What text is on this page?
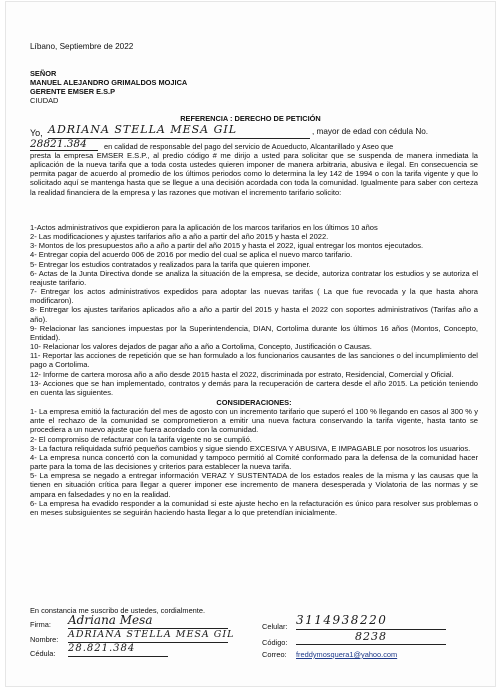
Líbano, Septiembre de 2022
SEÑOR
MANUEL ALEJANDRO GRIMALDOS MOJICA
GERENTE EMSER E.S.P
CIUDAD
REFERENCIA : DERECHO DE PETICIÓN
Yo, ADRIANA STELLA MESA GIL	, mayor de edad con cédula No.
28821.384	en calidad de responsable del pago del servicio de Acueducto, Alcantarillado y Aseo que
presta la empresa EMSER E.S.P., al predio código # me dirijo a usted para solicitar que se suspenda de manera inmediata la aplicación de la nueva tarifa que a toda costa ustedes quieren imponer de manera arbitraria, abusiva e ilegal. En consecuencia se permita pagar de acuerdo al promedio de los últimos periodos como lo determina la ley 142 de 1994 o con la tarifa vigente y que lo solicitado aquí se mantenga hasta que se llegue a una decisión acordada con toda la comunidad. Igualmente para saber con certeza la realidad financiera de la empresa y las razones que motivan el incremento tarifario solicito:
1-Actos administrativos que expidieron para la aplicación de los marcos tarifarios en los últimos 10 años
2- Las modificaciones y ajustes tarifarios año a año a partir del año 2015 y hasta el 2022.
3- Montos de los presupuestos año a año a partir del año 2015 y hasta el 2022, igual entregar los montos ejecutados.
4- Entregar copia del acuerdo 006 de 2016 por medio del cual se aplica el nuevo marco tarifario.
5- Entregar los estudios contratados y realizados para la tarifa que quieren imponer.
6- Actas de la Junta Directiva donde se analiza la situación de la empresa, se decide, autoriza contratar los estudios y se autoriza el reajuste tarifario.
7- Entregar los actos administrativos expedidos para adoptar las nuevas tarifas ( La que fue revocada y la que hasta ahora modificaron).
8- Entregar los ajustes tarifarios aplicados año a año a partir del 2015 y hasta el 2022 con soportes administrativos (Tarifas año a año).
9- Relacionar las sanciones impuestas por la Superintendencia, DIAN, Cortolima durante los últimos 16 años (Montos, Concepto, Entidad).
10- Relacionar los valores dejados de pagar año a año a Cortolima, Concepto, Justificación o Causas.
11- Reportar las acciones de repetición que se han formulado a los funcionarios causantes de las sanciones o del incumplimiento del pago a Cortolima.
12- Informe de cartera morosa año a año desde 2015 hasta el 2022, discriminada por estrato, Residencial, Comercial y Oficial.
13- Acciones que se han implementado, contratos y demás para la recuperación de cartera desde el año 2015. La petición teniendo en cuenta las siguientes.
CONSIDERACIONES:
1- La empresa emitió la facturación del mes de agosto con un incremento tarifario que superó el 100 % llegando en casos al 300 % y ante el rechazo de la comunidad se comprometieron a emitir una nueva factura conservando la tarifa vigente, hasta tanto se procediera a un nuevo ajuste que fuera acordado con la comunidad.
2- El compromiso de refacturar con la tarifa vigente no se cumplió.
3- La factura reliquidada sufrió pequeños cambios y sigue siendo EXCESIVA Y ABUSIVA, E IMPAGABLE por nosotros los usuarios.
4- La empresa nunca concertó con la comunidad y tampoco permitió al Comité conformado para la defensa de la comunidad hacer parte para la toma de las decisiones y criterios para establecer la nueva tarifa.
5- La empresa se negado a entregar información VERAZ Y SUSTENTADA de los estados reales de la misma y las causas que la tienen en situación crítica para llegar a querer imponer ese incremento de manera desesperada y Violatoria de las normas y se ampara en falsedades y no en la realidad.
6- La empresa ha evadido responder a la comunidad si este ajuste hecho en la refacturación es único para resolver sus problemas o en meses subsiguientes se seguirán haciendo hasta llegar a lo que pretendían inicialmente.
En constancia me suscribo de ustedes, cordialmente.
Firma: Adriana Mesa
Nombre: ADRIANA STELLA MESA GIL
Cédula: 28.821.384
Celular: 3114938220
Código:	8238
Correo: freddymosquera1@yahoo.com
